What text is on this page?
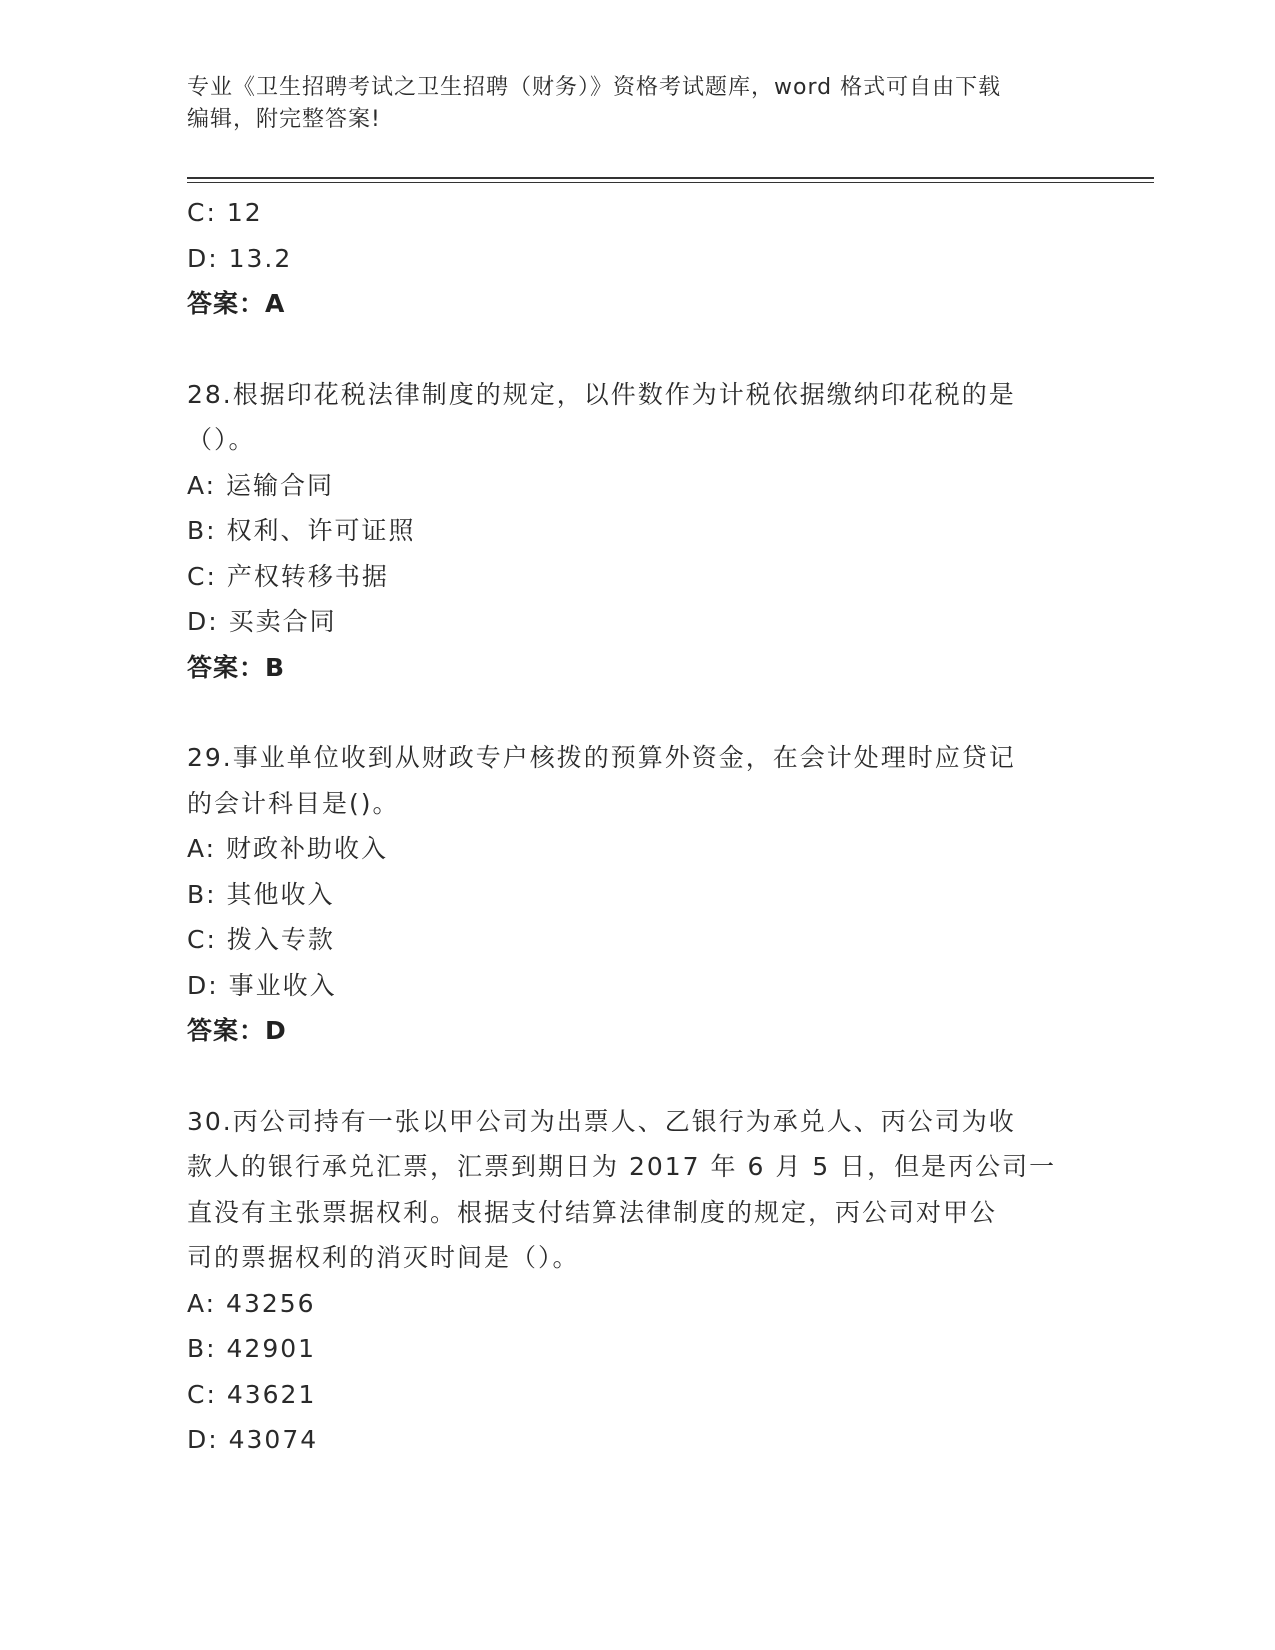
专业《卫生招聘考试之卫生招聘（财务）》资格考试题库，word 格式可自由下载
编辑，附完整答案!
C: 12
D: 13.2
答案：A
28.根据印花税法律制度的规定，以件数作为计税依据缴纳印花税的是
（）。
A: 运输合同
B: 权利、许可证照
C: 产权转移书据
D: 买卖合同
答案：B
29.事业单位收到从财政专户核拨的预算外资金，在会计处理时应贷记
的会计科目是()。
A: 财政补助收入
B: 其他收入
C: 拨入专款
D: 事业收入
答案：D
30.丙公司持有一张以甲公司为出票人、乙银行为承兑人、丙公司为收
款人的银行承兑汇票，汇票到期日为 2017 年 6 月 5 日，但是丙公司一
直没有主张票据权利。根据支付结算法律制度的规定，丙公司对甲公
司的票据权利的消灭时间是（）。
A: 43256
B: 42901
C: 43621
D: 43074
